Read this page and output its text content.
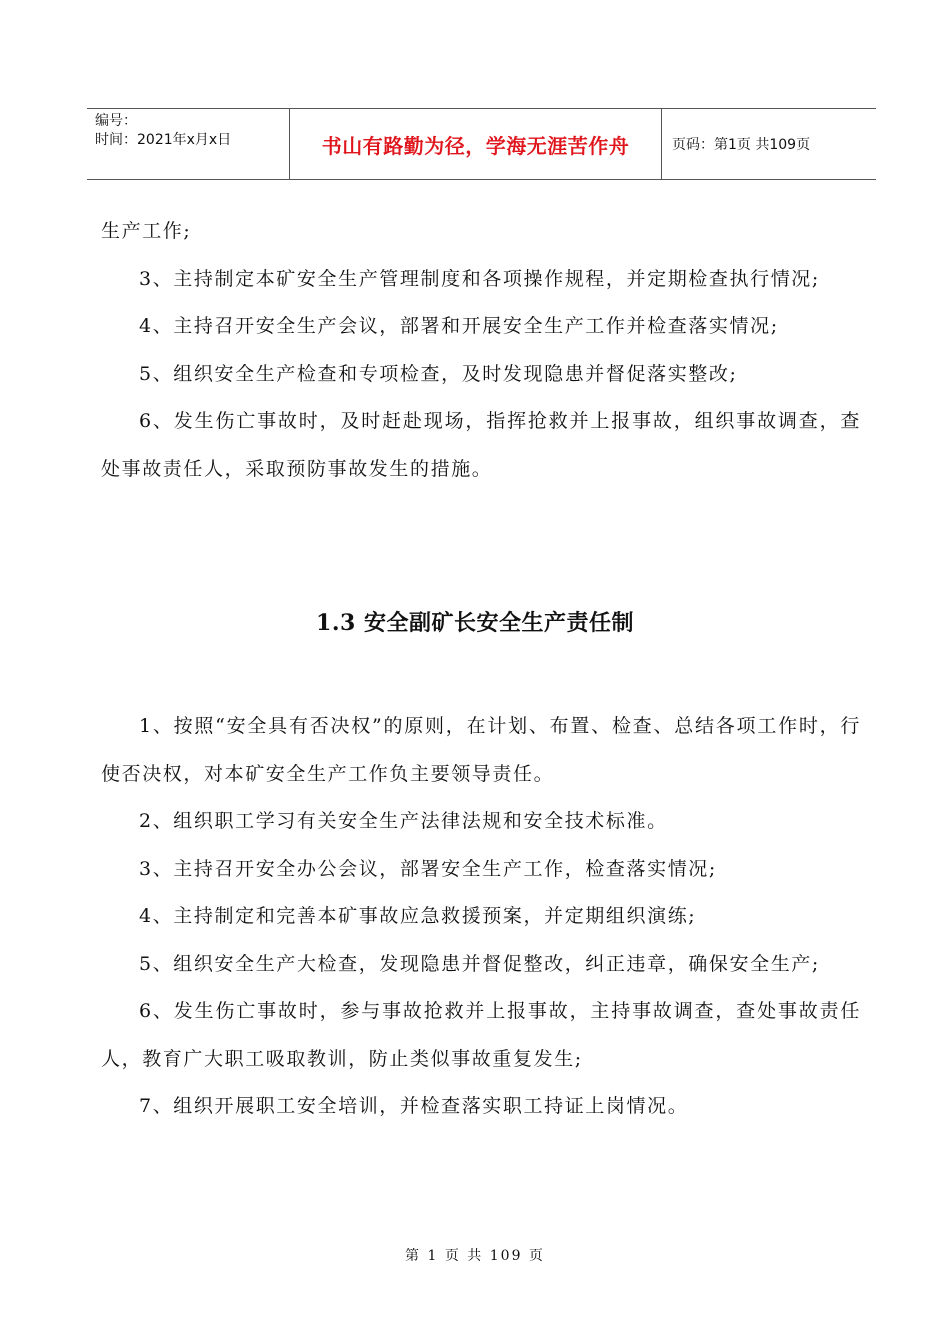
编号：
时间：2021年x月x日	书山有路勤为径，学海无涯苦作舟	页码：第1页 共109页

生产工作;

3、主持制定本矿安全生产管理制度和各项操作规程，并定期检查执行情况;

4、主持召开安全生产会议，部署和开展安全生产工作并检查落实情况;

5、组织安全生产检查和专项检查，及时发现隐患并督促落实整改;

6、发生伤亡事故时，及时赶赴现场，指挥抢救并上报事故，组织事故调查，查处事故责任人，采取预防事故发生的措施。

1.3 安全副矿长安全生产责任制

1、按照“安全具有否决权”的原则，在计划、布置、检查、总结各项工作时，行使否决权，对本矿安全生产工作负主要领导责任。

2、组织职工学习有关安全生产法律法规和安全技术标准。

3、主持召开安全办公会议，部署安全生产工作，检查落实情况;

4、主持制定和完善本矿事故应急救援预案，并定期组织演练;

5、组织安全生产大检查，发现隐患并督促整改，纠正违章，确保安全生产;

6、发生伤亡事故时，参与事故抢救并上报事故，主持事故调查，查处事故责任人，教育广大职工吸取教训，防止类似事故重复发生;

7、组织开展职工安全培训，并检查落实职工持证上岗情况。

第 1 页 共 109 页
